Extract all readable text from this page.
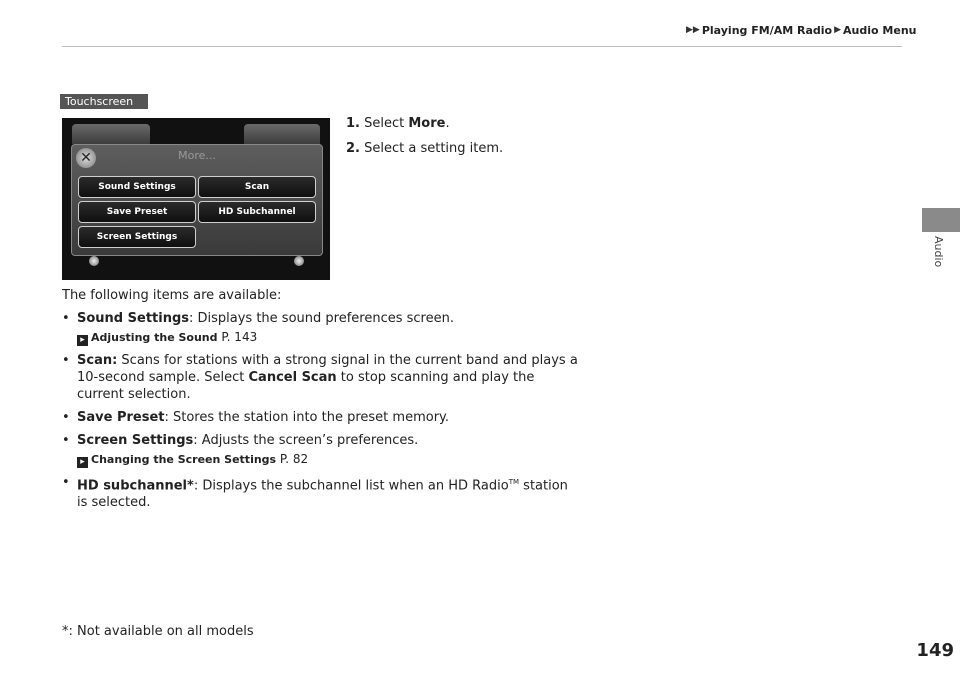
▶▶ Playing FM/AM Radio ▶ Audio Menu
Audio
Touchscreen
✕	More...
Sound Settings	Scan
Save Preset	HD Subchannel
Screen Settings

1. Select More.

2. Select a setting item.

The following items are available:

• Sound Settings: Displays the sound preferences screen.
▸ Adjusting the Sound P. 143
• Scan: Scans for stations with a strong signal in the current band and plays a 10-second sample. Select Cancel Scan to stop scanning and play the current selection.
• Save Preset: Stores the station into the preset memory.
• Screen Settings: Adjusts the screen’s preferences.
▸ Changing the Screen Settings P. 82
• HD subchannel*: Displays the subchannel list when an HD Radio™ station is selected.
*: Not available on all models
149
